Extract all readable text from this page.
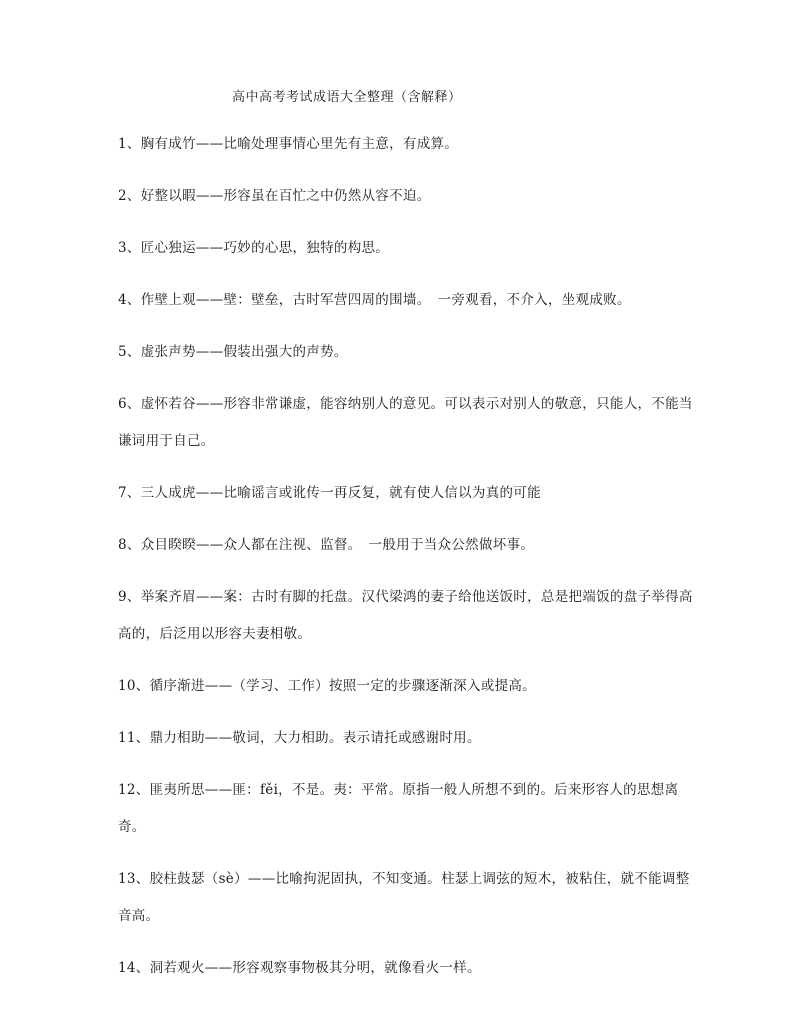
高中高考考试成语大全整理（含解释）

1、胸有成竹——比喻处理事情心里先有主意，有成算。

2、好整以暇——形容虽在百忙之中仍然从容不迫。

3、匠心独运——巧妙的心思，独特的构思。

4、作壁上观——壁：壁垒，古时军营四周的围墙。　一旁观看，不介入，坐观成败。

5、虚张声势——假装出强大的声势。

6、虚怀若谷——形容非常谦虚，能容纳别人的意见。可以表示对别人的敬意，只能人，不能当谦词用于自己。

7、三人成虎——比喻谣言或讹传一再反复，就有使人信以为真的可能

8、众目睽睽——众人都在注视、监督。　一般用于当众公然做坏事。

9、举案齐眉——案：古时有脚的托盘。汉代梁鸿的妻子给他送饭时，总是把端饭的盘子举得高高的，后泛用以形容夫妻相敬。

10、循序渐进——（学习、工作）按照一定的步骤逐渐深入或提高。

11、鼎力相助——敬词，大力相助。表示请托或感谢时用。

12、匪夷所思——匪：fěi，不是。夷：平常。原指一般人所想不到的。后来形容人的思想离奇。

13、胶柱鼓瑟（sè）——比喻拘泥固执，不知变通。柱瑟上调弦的短木，被粘住，就不能调整音高。

14、洞若观火——形容观察事物极其分明，就像看火一样。
